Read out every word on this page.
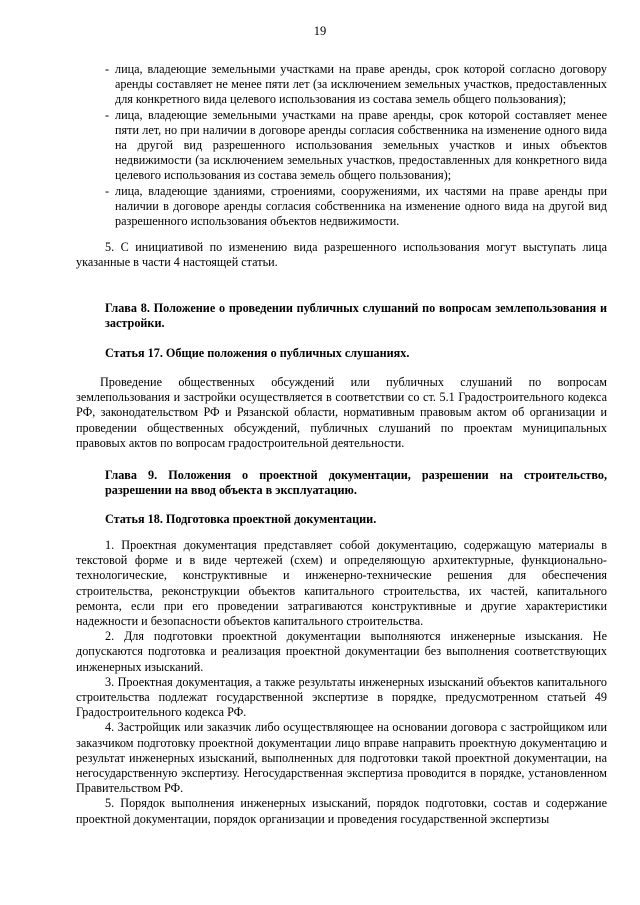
19
- лица, владеющие земельными участками на праве аренды, срок которой согласно договору аренды составляет не менее пяти лет (за исключением земельных участков, предоставленных для конкретного вида целевого использования из состава земель общего пользования);
- лица, владеющие земельными участками на праве аренды, срок которой составляет менее пяти лет, но при наличии в договоре аренды согласия собственника на изменение одного вида на другой вид разрешенного использования земельных участков и иных объектов недвижимости (за исключением земельных участков, предоставленных для конкретного вида целевого использования из состава земель общего пользования);
- лица, владеющие зданиями, строениями, сооружениями, их частями на праве аренды при наличии в договоре аренды согласия собственника на изменение одного вида на другой вид разрешенного использования объектов недвижимости.

5. С инициативой по изменению вида разрешенного использования могут выступать лица указанные в части 4 настоящей статьи.

Глава 8. Положение о проведении публичных слушаний по вопросам землепользования и застройки.
Статья 17. Общие положения о публичных слушаниях.

Проведение общественных обсуждений или публичных слушаний по вопросам землепользования и застройки осуществляется в соответствии со ст. 5.1 Градостроительного кодекса РФ, законодательством РФ и Рязанской области, нормативным правовым актом об организации и проведении общественных обсуждений, публичных слушаний по проектам муниципальных правовых актов по вопросам градостроительной деятельности.

Глава 9. Положения о проектной документации, разрешении на строительство, разрешении на ввод объекта в эксплуатацию.
Статья 18. Подготовка проектной документации.

1. Проектная документация представляет собой документацию, содержащую материалы в текстовой форме и в виде чертежей (схем) и определяющую архитектурные, функционально-технологические, конструктивные и инженерно-технические решения для обеспечения строительства, реконструкции объектов капитального строительства, их частей, капитального ремонта, если при его проведении затрагиваются конструктивные и другие характеристики надежности и безопасности объектов капитального строительства.

2. Для подготовки проектной документации выполняются инженерные изыскания. Не допускаются подготовка и реализация проектной документации без выполнения соответствующих инженерных изысканий.

3. Проектная документация, а также результаты инженерных изысканий объектов капитального строительства подлежат государственной экспертизе в порядке, предусмотренном статьей 49 Градостроительного кодекса РФ.

4. Застройщик или заказчик либо осуществляющее на основании договора с застройщиком или заказчиком подготовку проектной документации лицо вправе направить проектную документацию и результат инженерных изысканий, выполненных для подготовки такой проектной документации, на негосударственную экспертизу. Негосударственная экспертиза проводится в порядке, установленном Правительством РФ.

5. Порядок выполнения инженерных изысканий, порядок подготовки, состав и содержание проектной документации, порядок организации и проведения государственной экспертизы
